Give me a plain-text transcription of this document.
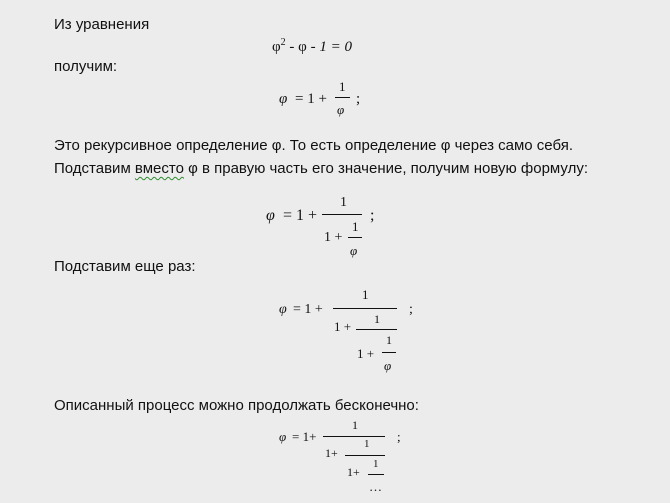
Из уравнения
$\varphi^2 - \varphi - 1 = 0$
получим:
φ = 1 +
1
φ
;
Это рекурсивное определение φ. То есть определение φ через само себя.
Подставим вместо φ в правую часть его значение, получим новую формулу:
φ = 1 +
1
1 +
1
φ
;
Подставим еще раз:
φ = 1 +
1
1 + 1
1 +
1
φ
;
Описанный процесс можно продолжать бесконечно:
φ = 1+
1
1+
1
1+
1
…
;
